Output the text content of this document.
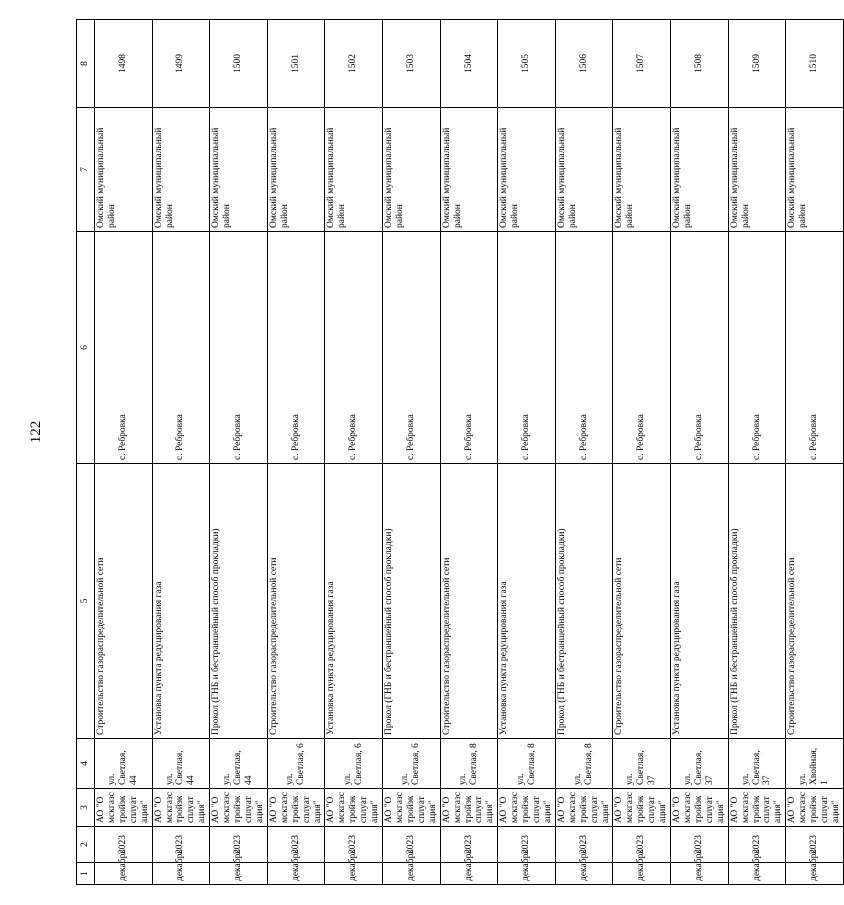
122
1	2	3	4	5	6	7	8
декабрь	2023	АО "Омскгазстройэксплуатация"	ул. Светлая, 44	Строительство газораспределительной сети	с. Ребровка	Омский муниципальный район	1498
декабрь	2023	АО "Омскгазстройэксплуатация"	ул. Светлая, 44	Установка пункта редуцирования газа	с. Ребровка	Омский муниципальный район	1499
декабрь	2023	АО "Омскгазстройэксплуатация"	ул. Светлая, 44	Прокол (ГНБ и бестраншейный способ прокладки)	с. Ребровка	Омский муниципальный район	1500
декабрь	2023	АО "Омскгазстройэксплуатация"	ул. Светлая, 6	Строительство газораспределительной сети	с. Ребровка	Омский муниципальный район	1501
декабрь	2023	АО "Омскгазстройэксплуатация"	ул. Светлая, 6	Установка пункта редуцирования газа	с. Ребровка	Омский муниципальный район	1502
декабрь	2023	АО "Омскгазстройэксплуатация"	ул. Светлая, 6	Прокол (ГНБ и бестраншейный способ прокладки)	с. Ребровка	Омский муниципальный район	1503
декабрь	2023	АО "Омскгазстройэксплуатация"	ул. Светлая, 8	Строительство газораспределительной сети	с. Ребровка	Омский муниципальный район	1504
декабрь	2023	АО "Омскгазстройэксплуатация"	ул. Светлая, 8	Установка пункта редуцирования газа	с. Ребровка	Омский муниципальный район	1505
декабрь	2023	АО "Омскгазстройэксплуатация"	ул. Светлая, 8	Прокол (ГНБ и бестраншейный способ прокладки)	с. Ребровка	Омский муниципальный район	1506
декабрь	2023	АО "Омскгазстройэксплуатация"	ул. Светлая, 37	Строительство газораспределительной сети	с. Ребровка	Омский муниципальный район	1507
декабрь	2023	АО "Омскгазстройэксплуатация"	ул. Светлая, 37	Установка пункта редуцирования газа	с. Ребровка	Омский муниципальный район	1508
декабрь	2023	АО "Омскгазстройэксплуатация"	ул. Светлая, 37	Прокол (ГНБ и бестраншейный способ прокладки)	с. Ребровка	Омский муниципальный район	1509
декабрь	2023	АО "Омскгазстройэксплуатация"	ул. Хвойная, 1	Строительство газораспределительной сети	с. Ребровка	Омский муниципальный район	1510
